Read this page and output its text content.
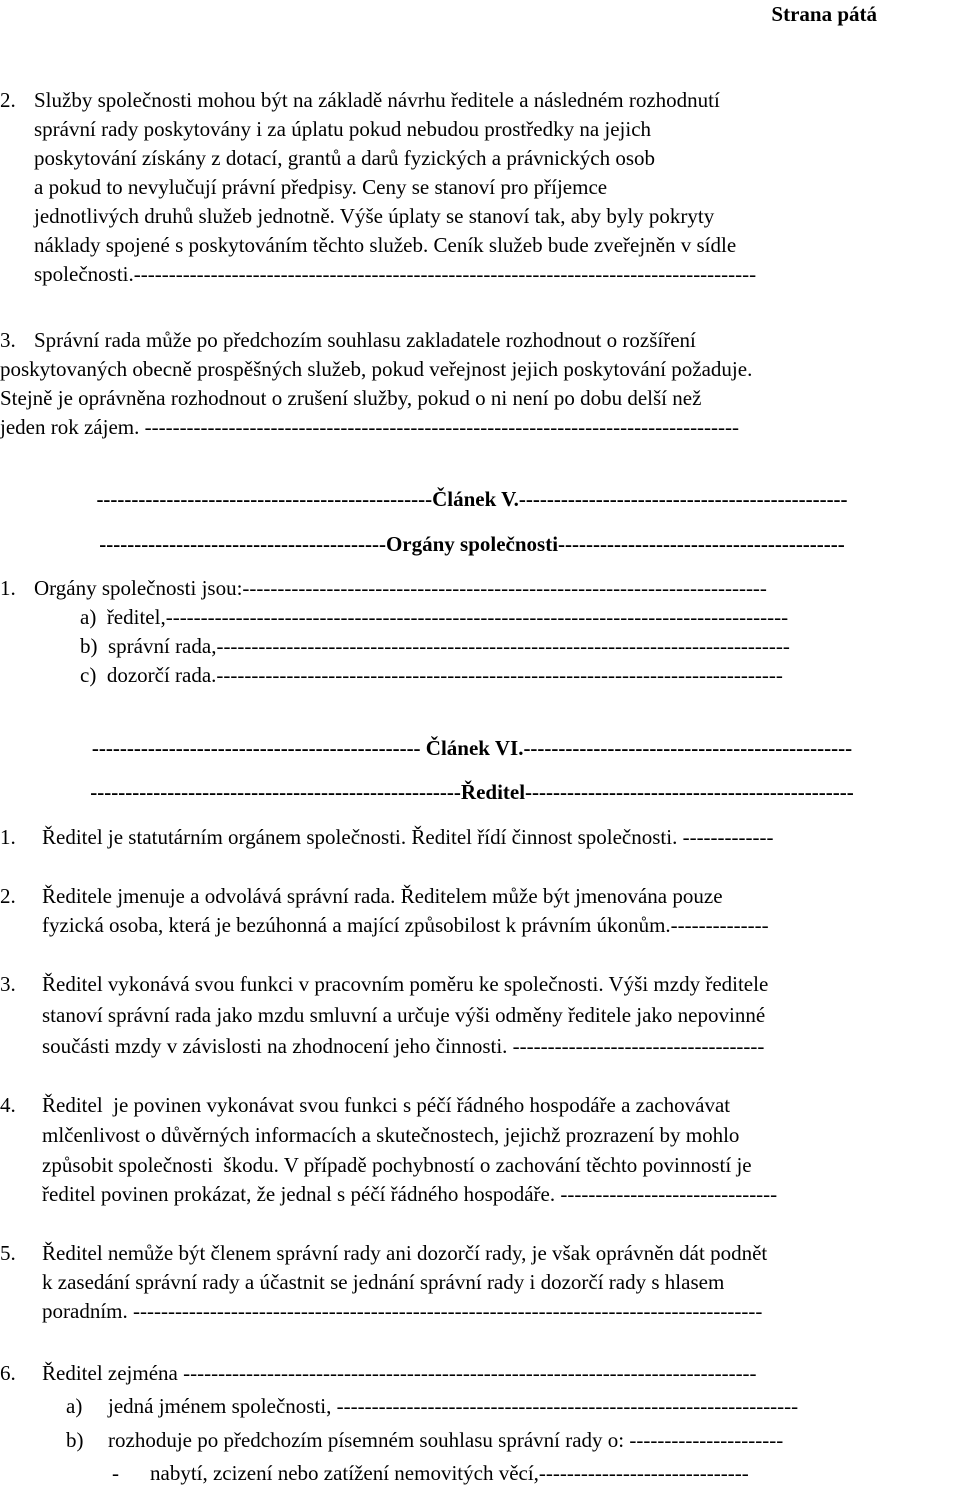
Strana pátá
2. Služby společnosti mohou být na základě návrhu ředitele a následném rozhodnutí
správní rady poskytovány i za úplatu pokud nebudou prostředky na jejich
poskytování získány z dotací, grantů a darů fyzických a právnických osob
a pokud to nevylučují právní předpisy. Ceny se stanoví pro příjemce
jednotlivých druhů služeb jednotně. Výše úplaty se stanoví tak, aby byly pokryty
náklady spojené s poskytováním těchto služeb. Ceník služeb bude zveřejněn v sídle
společnosti.-----------------------------------------------------------------------------------------
3. Správní rada může po předchozím souhlasu zakladatele rozhodnout o rozšíření
poskytovaných obecně prospěšných služeb, pokud veřejnost jejich poskytování požaduje.
Stejně je oprávněna rozhodnout o zrušení služby, pokud o ni není po dobu delší než
jeden rok zájem. -------------------------------------------------------------------------------------
------------------------------------------------Článek V.-----------------------------------------------
-----------------------------------------Orgány společnosti-----------------------------------------
1. Orgány společnosti jsou:---------------------------------------------------------------------------
a)  ředitel,-----------------------------------------------------------------------------------------
b)  správní rada,----------------------------------------------------------------------------------
c)  dozorčí rada.---------------------------------------------------------------------------------
----------------------------------------------- Článek VI.-----------------------------------------------
-----------------------------------------------------Ředitel-----------------------------------------------
1. Ředitel je statutárním orgánem společnosti. Ředitel řídí činnost společnosti. -------------
2. Ředitele jmenuje a odvolává správní rada. Ředitelem může být jmenována pouze
fyzická osoba, která je bezúhonná a mající způsobilost k právním úkonům.--------------
3. Ředitel vykonává svou funkci v pracovním poměru ke společnosti. Výši mzdy ředitele
stanoví správní rada jako mzdu smluvní a určuje výši odměny ředitele jako nepovinné
součásti mzdy v závislosti na zhodnocení jeho činnosti. ------------------------------------
4. Ředitel  je povinen vykonávat svou funkci s péčí řádného hospodáře a zachovávat
mlčenlivost o důvěrných informacích a skutečnostech, jejichž prozrazení by mohlo
způsobit společnosti  škodu. V případě pochybností o zachování těchto povinností je
ředitel povinen prokázat, že jednal s péčí řádného hospodáře. -------------------------------
5. Ředitel nemůže být členem správní rady ani dozorčí rady, je však oprávněn dát podnět
k zasedání správní rady a účastnit se jednání správní rady i dozorčí rady s hlasem
poradním. ------------------------------------------------------------------------------------------
6. Ředitel zejména ----------------------------------------------------------------------------------
a) jedná jménem společnosti, ------------------------------------------------------------------
b) rozhoduje po předchozím písemném souhlasu správní rady o: ----------------------
- nabytí, zcizení nebo zatížení nemovitých věcí,------------------------------
